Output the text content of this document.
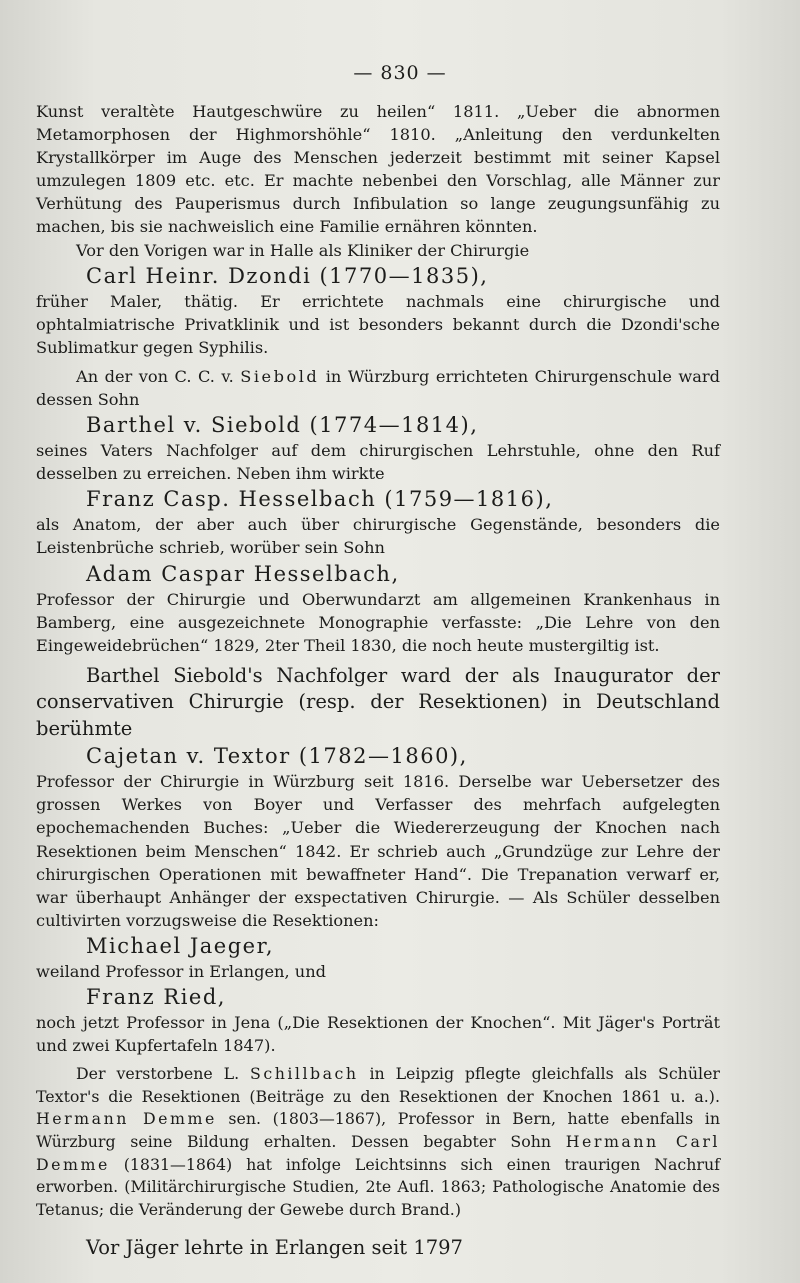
— 830 —

Kunst veraltète Hautgeschwüre zu heilen“ 1811. „Ueber die abnormen Metamorphosen der Highmorshöhle“ 1810. „Anleitung den verdunkelten Krystallkörper im Auge des Menschen jederzeit bestimmt mit seiner Kapsel umzulegen 1809 etc. etc. Er machte nebenbei den Vorschlag, alle Männer zur Verhütung des Pauperismus durch Infibulation so lange zeugungsunfähig zu machen, bis sie nachweislich eine Familie ernähren könnten.

Vor den Vorigen war in Halle als Kliniker der Chirurgie

Carl Heinr. Dzondi (1770—1835),

früher Maler, thätig. Er errichtete nachmals eine chirurgische und ophtalmiatrische Privatklinik und ist besonders bekannt durch die Dzondi'sche Sublimatkur gegen Syphilis.

An der von C. C. v. Siebold in Würzburg errichteten Chirurgenschule ward dessen Sohn

Barthel v. Siebold (1774—1814),

seines Vaters Nachfolger auf dem chirurgischen Lehrstuhle, ohne den Ruf desselben zu erreichen. Neben ihm wirkte

Franz Casp. Hesselbach (1759—1816),

als Anatom, der aber auch über chirurgische Gegenstände, besonders die Leistenbrüche schrieb, worüber sein Sohn

Adam Caspar Hesselbach,

Professor der Chirurgie und Oberwundarzt am allgemeinen Krankenhaus in Bamberg, eine ausgezeichnete Monographie verfasste: „Die Lehre von den Eingeweidebrüchen“ 1829, 2ter Theil 1830, die noch heute mustergiltig ist.

Barthel Siebold's Nachfolger ward der als Inaugurator der conservativen Chirurgie (resp. der Resektionen) in Deutschland berühmte

Cajetan v. Textor (1782—1860),

Professor der Chirurgie in Würzburg seit 1816. Derselbe war Uebersetzer des grossen Werkes von Boyer und Verfasser des mehrfach aufgelegten epochemachenden Buches: „Ueber die Wiedererzeugung der Knochen nach Resektionen beim Menschen“ 1842. Er schrieb auch „Grundzüge zur Lehre der chirurgischen Operationen mit bewaffneter Hand“. Die Trepanation verwarf er, war überhaupt Anhänger der exspectativen Chirurgie. — Als Schüler desselben cultivirten vorzugsweise die Resektionen:

Michael Jaeger,

weiland Professor in Erlangen, und

Franz Ried,

noch jetzt Professor in Jena („Die Resektionen der Knochen“. Mit Jäger's Porträt und zwei Kupfertafeln 1847).

Der verstorbene L. Schillbach in Leipzig pflegte gleichfalls als Schüler Textor's die Resektionen (Beiträge zu den Resektionen der Knochen 1861 u. a.). Hermann Demme sen. (1803—1867), Professor in Bern, hatte ebenfalls in Würzburg seine Bildung erhalten. Dessen begabter Sohn Hermann Carl Demme (1831—1864) hat infolge Leichtsinns sich einen traurigen Nachruf erworben. (Militärchirurgische Studien, 2te Aufl. 1863; Pathologische Anatomie des Tetanus; die Veränderung der Gewebe durch Brand.)

Vor Jäger lehrte in Erlangen seit 1797
